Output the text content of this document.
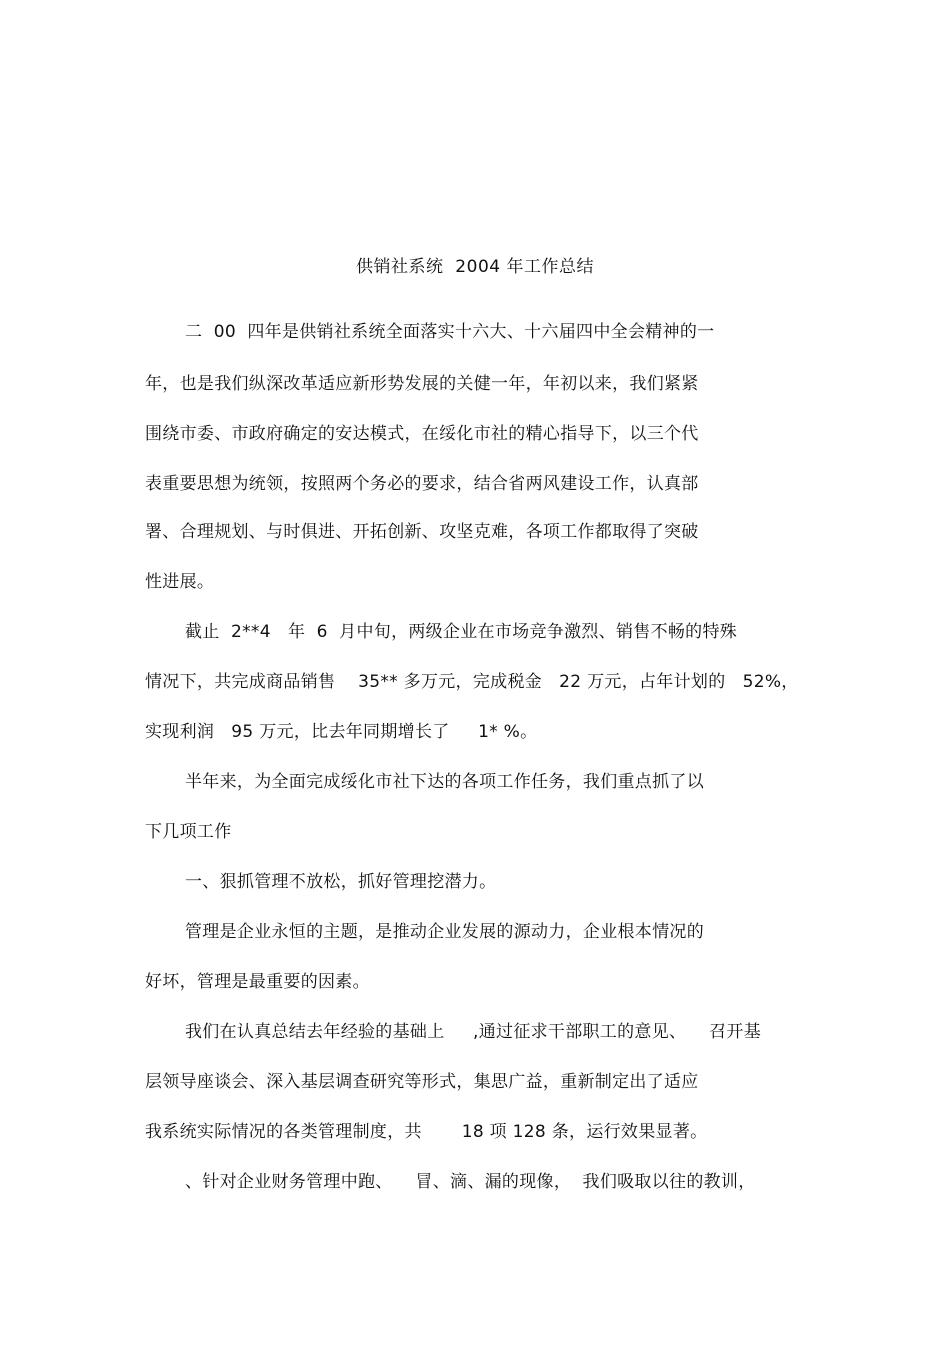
供销社系统  2004 年工作总结
二  00  四年是供销社系统全面落实十六大、十六届四中全会精神的一
年，也是我们纵深改革适应新形势发展的关健一年，年初以来，我们紧紧
围绕市委、市政府确定的安达模式，在绥化市社的精心指导下，以三个代
表重要思想为统领，按照两个务必的要求，结合省两风建设工作，认真部
署、合理规划、与时俱进、开拓创新、攻坚克难，各项工作都取得了突破
性进展。
截止  2**4   年  6  月中旬，两级企业在市场竞争激烈、销售不畅的特殊
情况下，共完成商品销售    35** 多万元，完成税金   22 万元，占年计划的   52%，
实现利润   95 万元，比去年同期增长了     1* %。
半年来，为全面完成绥化市社下达的各项工作任务，我们重点抓了以
下几项工作
一、狠抓管理不放松，抓好管理挖潜力。
管理是企业永恒的主题，是推动企业发展的源动力，企业根本情况的
好坏，管理是最重要的因素。
我们在认真总结去年经验的基础上     ,通过征求干部职工的意见、    召开基
层领导座谈会、深入基层调查研究等形式，集思广益，重新制定出了适应
我系统实际情况的各类管理制度，共       18 项 128 条，运行效果显著。
、针对企业财务管理中跑、    冒、滴、漏的现像，  我们吸取以往的教训，
